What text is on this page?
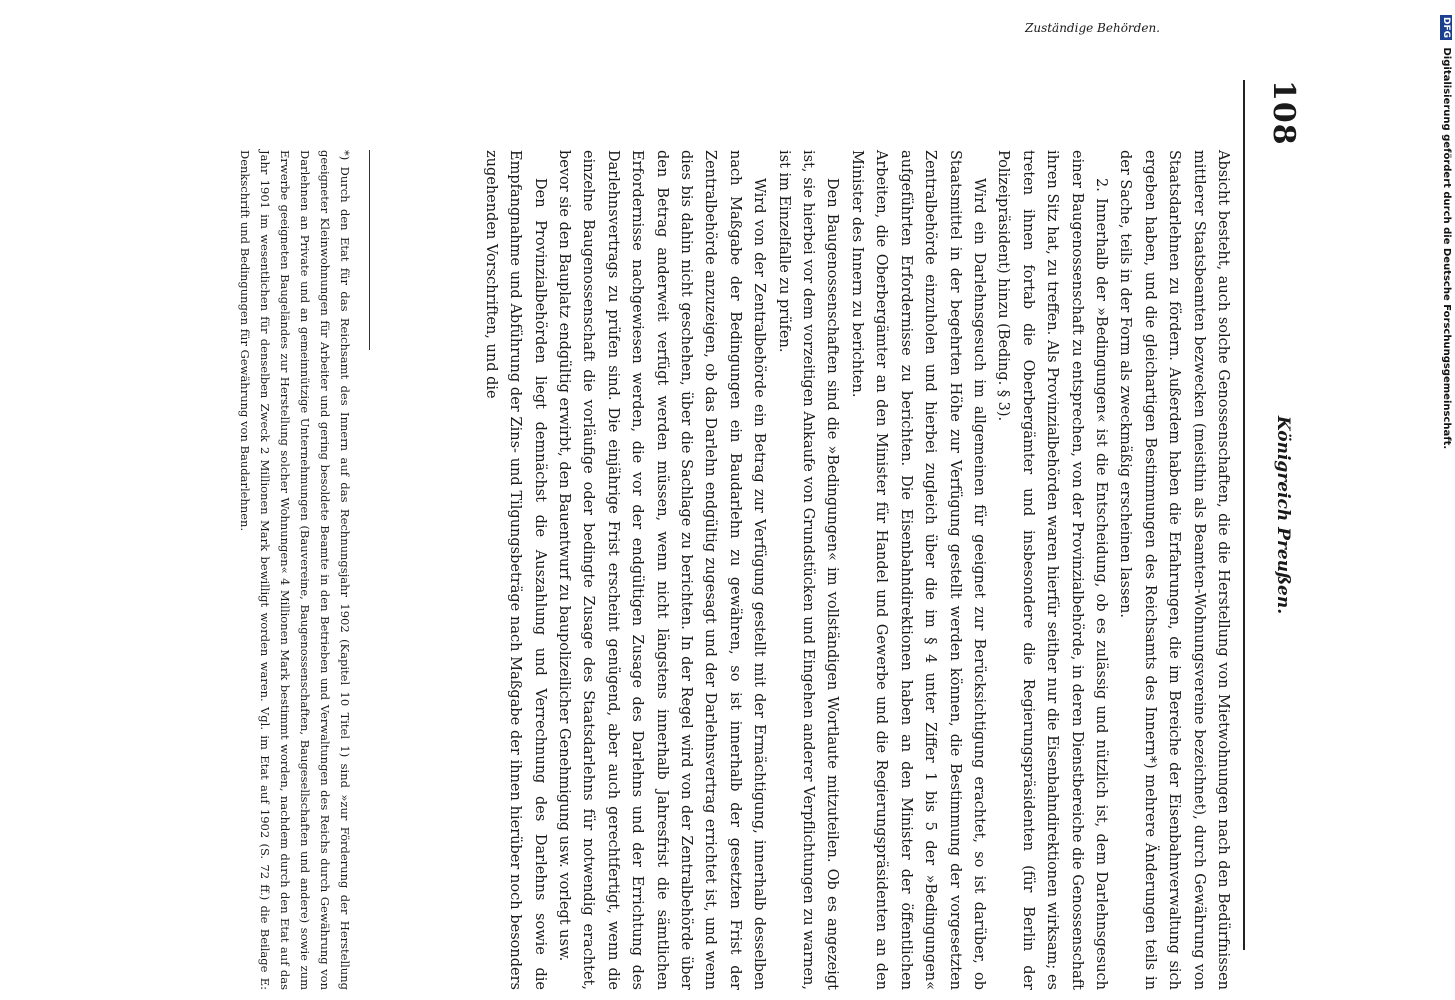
108
Königreich Preußen.
Zuständige Behörden.

Absicht besteht, auch solche Genossenschaften, die die Herstellung von Mietwohnungen nach den Bedürfnissen mittlerer Staatsbeamten bezwecken (meisthin als Beamten-Wohnungsvereine bezeichnet), durch Gewährung von Staatsdarlehnen zu fördern. Außerdem haben die Erfahrungen, die im Bereiche der Eisenbahnverwaltung sich ergeben haben, und die gleichartigen Bestimmungen des Reichsamts des Innern*) mehrere Änderungen teils in der Sache, teils in der Form als zweckmäßig erscheinen lassen.

2. Innerhalb der »Bedingungen« ist die Entscheidung, ob es zulässig und nützlich ist, dem Darlehnsgesuch einer Baugenossenschaft zu entsprechen, von der Provinzialbehörde, in deren Dienstbereiche die Genossenschaft ihren Sitz hat, zu treffen. Als Provinzialbehörden waren hierfür seither nur die Eisenbahndirektionen wirksam; es treten ihnen fortab die Oberbergämter und insbesondere die Regierungspräsidenten (für Berlin der Polizeipräsident) hinzu (Beding. § 3).

Wird ein Darlehnsgesuch im allgemeinen für geeignet zur Berücksichtigung erachtet, so ist darüber, ob Staatsmittel in der begehrten Höhe zur Verfügung gestellt werden können, die Bestimmung der vorgesetzten Zentralbehörde einzuholen und hierbei zugleich über die im § 4 unter Ziffer 1 bis 5 der »Bedingungen« aufgeführten Erfordernisse zu berichten. Die Eisenbahndirektionen haben an den Minister der öffentlichen Arbeiten, die Oberbergämter an den Minister für Handel und Gewerbe und die Regierungspräsidenten an den Minister des Innern zu berichten.

Den Baugenossenschaften sind die »Bedingungen« im vollständigen Wortlaute mitzuteilen. Ob es angezeigt ist, sie hierbei vor dem vorzeitigen Ankaufe von Grundstücken und Eingehen anderer Verpflichtungen zu warnen, ist im Einzelfalle zu prüfen.

Wird von der Zentralbehörde ein Betrag zur Verfügung gestellt mit der Ermächtigung, innerhalb desselben nach Maßgabe der Bedingungen ein Baudarlehn zu gewähren, so ist innerhalb der gesetzten Frist der Zentralbehörde anzuzeigen, ob das Darlehn endgültig zugesagt und der Darlehnsvertrag errichtet ist, und wenn dies bis dahin nicht geschehen, über die Sachlage zu berichten. In der Regel wird von der Zentralbehörde über den Betrag anderweit verfügt werden müssen, wenn nicht längstens innerhalb Jahresfrist die sämtlichen Erfordernisse nachgewiesen werden, die vor der endgültigen Zusage des Darlehns und der Errichtung des Darlehnsvertrags zu prüfen sind. Die einjährige Frist erscheint genügend, aber auch gerechtfertigt, wenn die einzelne Baugenossenschaft die vorläufige oder bedingte Zusage des Staatsdarlehns für notwendig erachtet, bevor sie den Bauplatz endgültig erwirbt, den Bauentwurf zu baupolizeilicher Genehmigung usw. vorlegt usw.

Den Provinzialbehörden liegt demnächst die Auszahlung und Verrechnung des Darlehns sowie die Empfangnahme und Abführung der Zins- und Tilgungsbeträge nach Maßgabe der ihnen hierüber noch besonders zugehenden Vorschriften, und die

*) Durch den Etat für das Reichsamt des Innern auf das Rechnungsjahr 1902 (Kapitel 10 Titel 1) sind »zur Förderung der Herstellung geeigneter Kleinwohnungen für Arbeiter und gering besoldete Beamte in den Betrieben und Verwaltungen des Reichs durch Gewährung von Darlehnen an Private und an gemeinnützige Unternehmungen (Bauvereine, Baugenossenschaften, Baugesellschaften und andere) sowie zum Erwerbe geeigneten Baugeländes zur Herstellung solcher Wohnungen« 4 Millionen Mark bestimmt worden, nachdem durch den Etat auf das Jahr 1901 im wesentlichen für denselben Zweck 2 Millionen Mark bewilligt worden waren. Vgl. im Etat auf 1902 (S. 72 ff.) die Beilage E: Denkschrift und Bedingungen für Gewährung von Baudarlehnen.
DFG Digitalisierung gefördert durch die Deutsche Forschungsgemeinschaft.
